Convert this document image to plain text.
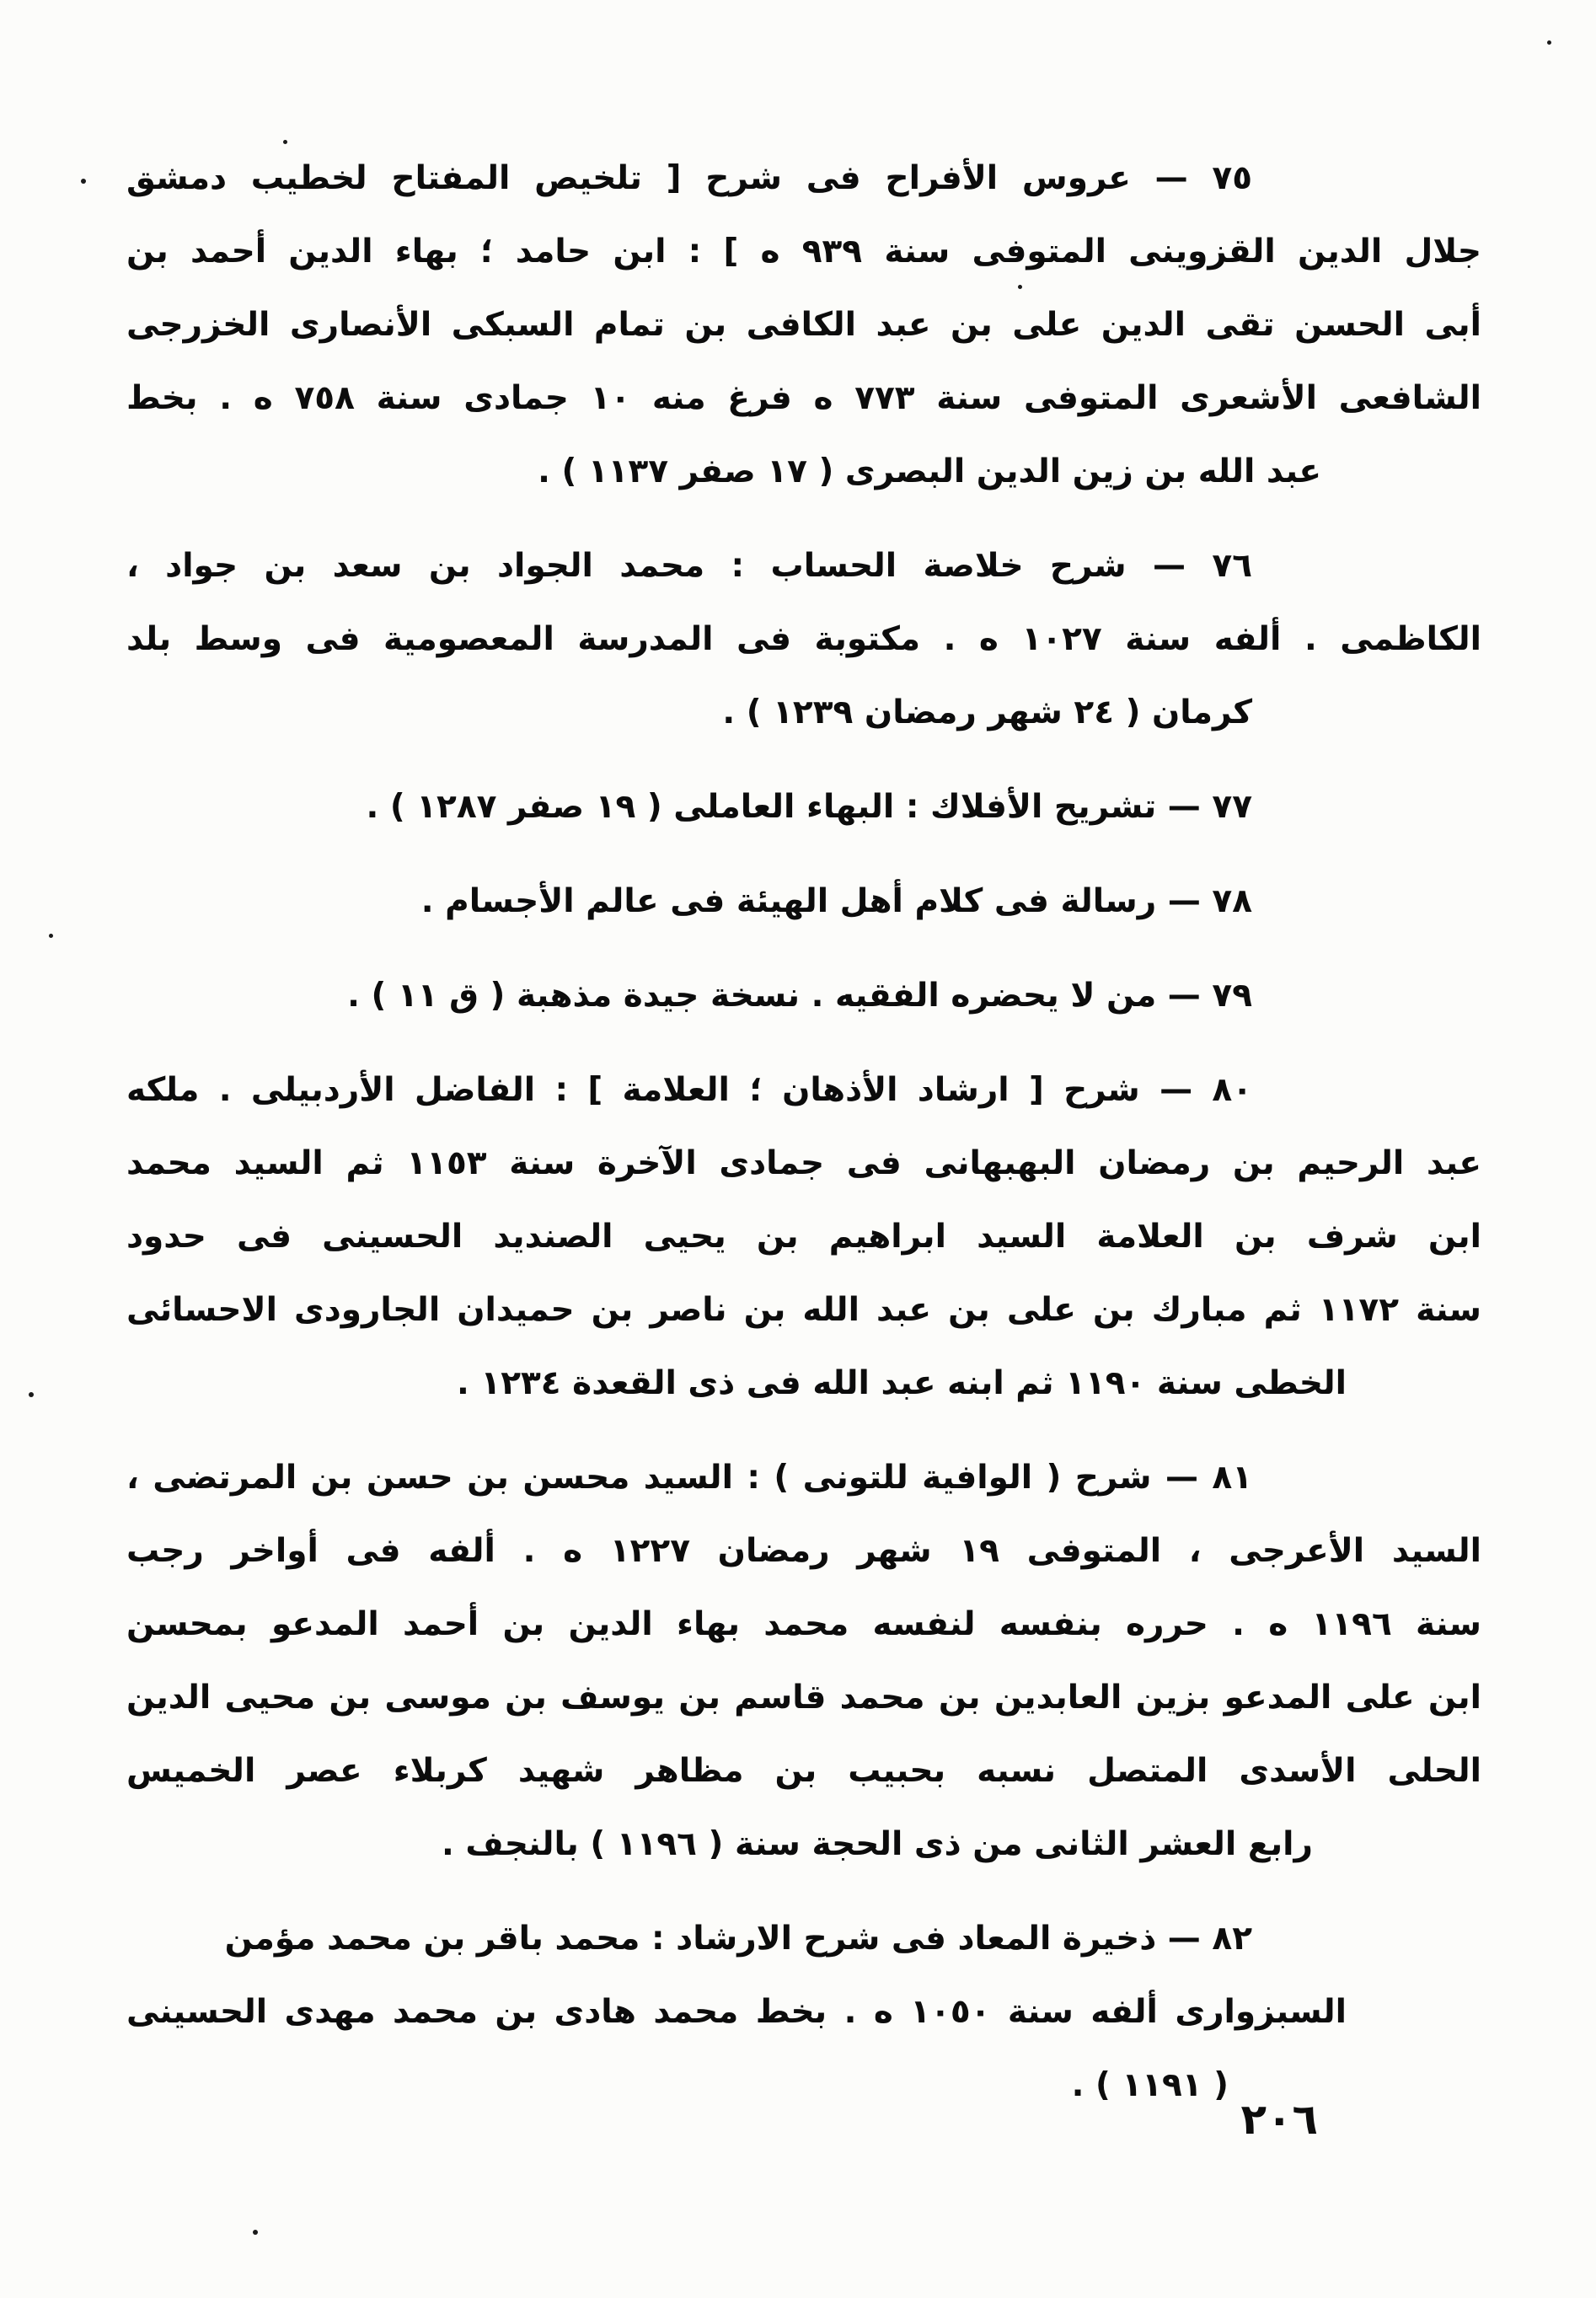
٧٥ — عروس الأفراح فى شرح [ تلخيص المفتاح لخطيب دمشق
جلال الدين القزوينى المتوفى سنة ٩٣٩ ه ] : ابن حامد ؛ بهاء الدين أحمد بن
أبى الحسن تقى الدين على بن عبد الكافى بن تمام السبكى الأنصارى الخزرجى
الشافعى الأشعرى المتوفى سنة ٧٧٣ ه فرغ منه ١٠ جمادى سنة ٧٥٨ ه . بخط
عبد الله بن زين الدين البصرى ( ١٧ صفر ١١٣٧ ) .

٧٦ — شرح خلاصة الحساب : محمد الجواد بن سعد بن جواد ،
الكاظمى . ألفه سنة ١٠٢٧ ه . مكتوبة فى المدرسة المعصومية فى وسط بلد
كرمان ( ٢٤ شهر رمضان ١٢٣٩ ) .

٧٧ — تشريح الأفلاك : البهاء العاملى ( ١٩ صفر ١٢٨٧ ) .

٧٨ — رسالة فى كلام أهل الهيئة فى عالم الأجسام .

٧٩ — من لا يحضره الفقيه . نسخة جيدة مذهبة ( ق ١١ ) .

٨٠ — شرح [ ارشاد الأذهان ؛ العلامة ] : الفاضل الأردبيلى . ملكه
عبد الرحيم بن رمضان البهبهانى فى جمادى الآخرة سنة ١١٥٣ ثم السيد محمد
ابن شرف بن العلامة السيد ابراهيم بن يحيى الصنديد الحسينى فى حدود
سنة ١١٧٢ ثم مبارك بن على بن عبد الله بن ناصر بن حميدان الجارودى الاحسائى
الخطى سنة ١١٩٠ ثم ابنه عبد الله فى ذى القعدة ١٢٣٤ .

٨١ — شرح ( الوافية للتونى ) : السيد محسن بن حسن بن المرتضى ،
السيد الأعرجى ، المتوفى ١٩ شهر رمضان ١٢٢٧ ه . ألفه فى أواخر رجب
سنة ١١٩٦ ه . حرره بنفسه لنفسه محمد بهاء الدين بن أحمد المدعو بمحسن
ابن على المدعو بزين العابدين بن محمد قاسم بن يوسف بن موسى بن محيى الدين
الحلى الأسدى المتصل نسبه بحبيب بن مظاهر شهيد كربلاء عصر الخميس
رابع العشر الثانى من ذى الحجة سنة ( ١١٩٦ ) بالنجف .

٨٢ — ذخيرة المعاد فى شرح الارشاد : محمد باقر بن محمد مؤمن
السبزوارى ألفه سنة ١٠٥٠ ه . بخط محمد هادى بن محمد مهدى الحسينى
( ١١٩١ ) .

٢٠٦
